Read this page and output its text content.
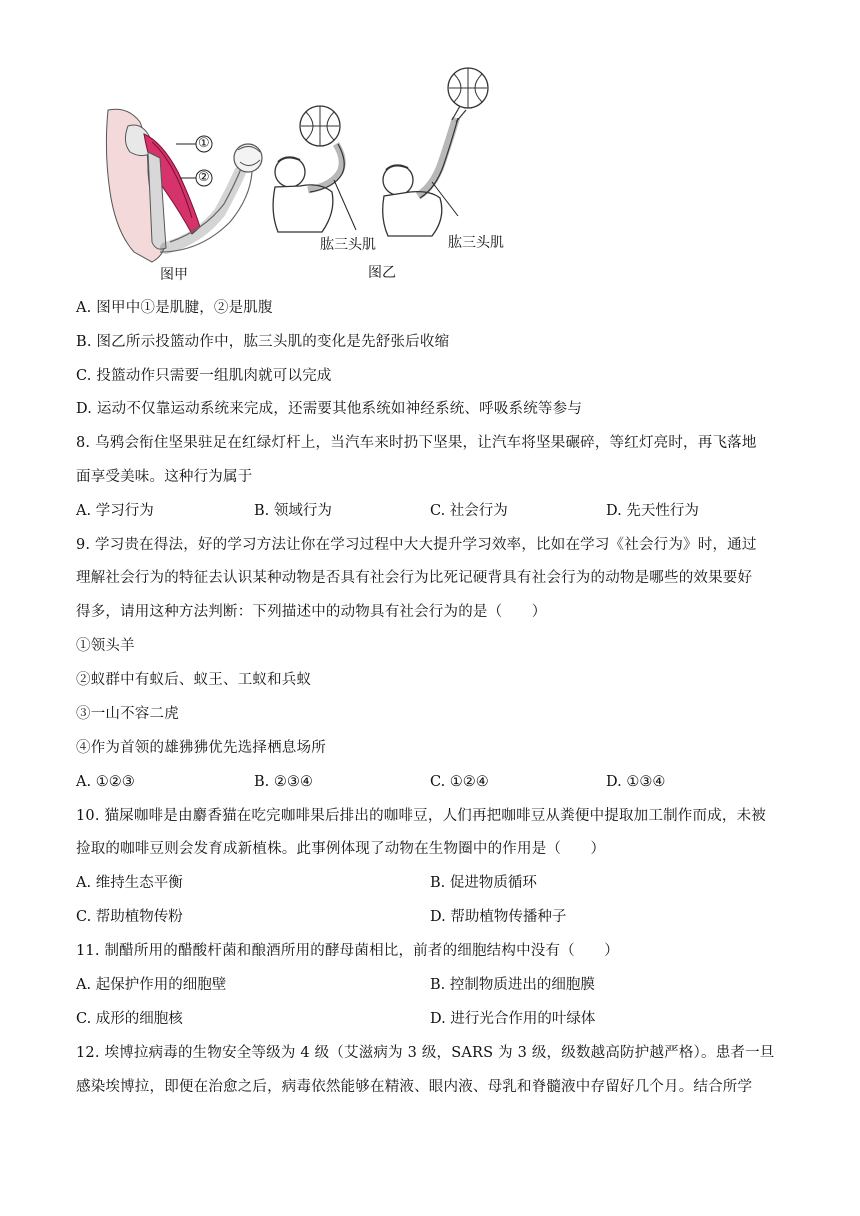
①
②
肱三头肌	肱三头肌
图甲	图乙
A. 图甲中①是肌腱，②是肌腹
B. 图乙所示投篮动作中，肱三头肌的变化是先舒张后收缩
C. 投篮动作只需要一组肌肉就可以完成
D. 运动不仅靠运动系统来完成，还需要其他系统如神经系统、呼吸系统等参与
8. 乌鸦会衔住坚果驻足在红绿灯杆上，当汽车来时扔下坚果，让汽车将坚果碾碎，等红灯亮时，再飞落地
面享受美味。这种行为属于
A. 学习行为	B. 领域行为	C. 社会行为	D. 先天性行为
9. 学习贵在得法，好的学习方法让你在学习过程中大大提升学习效率，比如在学习《社会行为》时，通过
理解社会行为的特征去认识某种动物是否具有社会行为比死记硬背具有社会行为的动物是哪些的效果要好
得多，请用这种方法判断：下列描述中的动物具有社会行为的是（　　）
①领头羊
②蚁群中有蚁后、蚁王、工蚁和兵蚁
③一山不容二虎
④作为首领的雄狒狒优先选择栖息场所
A. ①②③	B. ②③④	C. ①②④	D. ①③④
10. 猫屎咖啡是由麝香猫在吃完咖啡果后排出的咖啡豆，人们再把咖啡豆从粪便中提取加工制作而成，未被
捡取的咖啡豆则会发育成新植株。此事例体现了动物在生物圈中的作用是（　　）
A. 维持生态平衡	B. 促进物质循环
C. 帮助植物传粉	D. 帮助植物传播种子
11. 制醋所用的醋酸杆菌和酿酒所用的酵母菌相比，前者的细胞结构中没有（　　）
A. 起保护作用的细胞壁	B. 控制物质进出的细胞膜
C. 成形的细胞核	D. 进行光合作用的叶绿体
12. 埃博拉病毒的生物安全等级为 4 级（艾滋病为 3 级，SARS 为 3 级，级数越高防护越严格）。患者一旦
感染埃博拉，即便在治愈之后，病毒依然能够在精液、眼内液、母乳和脊髓液中存留好几个月。结合所学
